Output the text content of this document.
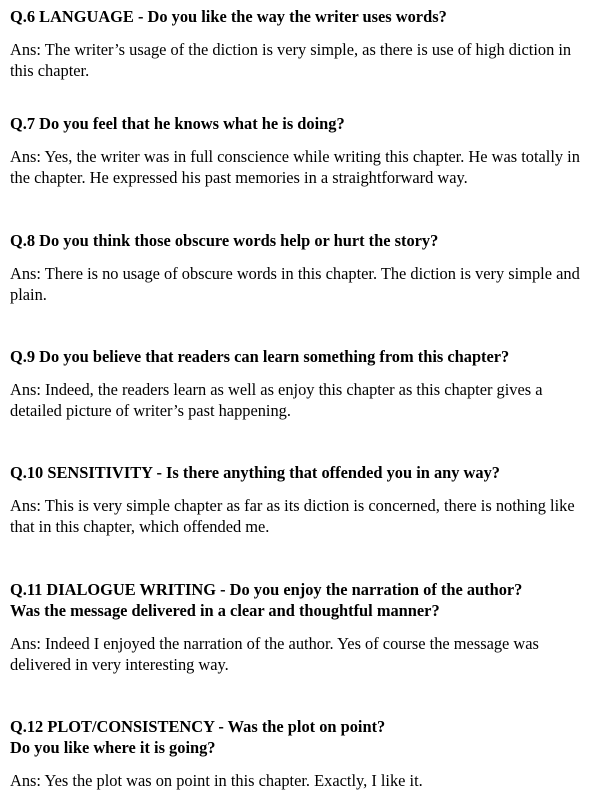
Q.6 LANGUAGE - Do you like the way the writer uses words?

Ans: The writer’s usage of the diction is very simple, as there is use of high diction in this chapter.

Q.7 Do you feel that he knows what he is doing?

Ans: Yes, the writer was in full conscience while writing this chapter. He was totally in the chapter. He expressed his past memories in a straightforward way.

Q.8 Do you think those obscure words help or hurt the story?

Ans: There is no usage of obscure words in this chapter. The diction is very simple and plain.

Q.9 Do you believe that readers can learn something from this chapter?

Ans: Indeed, the readers learn as well as enjoy this chapter as this chapter gives a detailed picture of writer’s past happening.

Q.10 SENSITIVITY - Is there anything that offended you in any way?

Ans: This is very simple chapter as far as its diction is concerned, there is nothing like that in this chapter, which offended me.

Q.11 DIALOGUE WRITING - Do you enjoy the narration of the author?

Was the message delivered in a clear and thoughtful manner?

Ans: Indeed I enjoyed the narration of the author. Yes of course the message was delivered in very interesting way.

Q.12 PLOT/CONSISTENCY - Was the plot on point?

Do you like where it is going?

Ans: Yes the plot was on point in this chapter. Exactly, I like it.
